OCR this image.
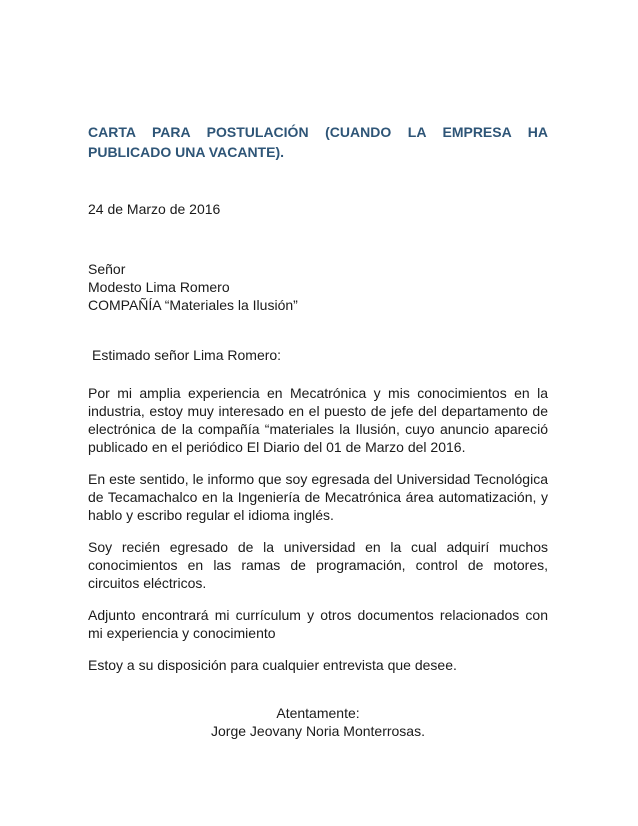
CARTA PARA POSTULACIÓN (CUANDO LA EMPRESA HA PUBLICADO UNA VACANTE).

24 de Marzo de 2016
Señor
Modesto Lima Romero
COMPAÑÍA “Materiales la Ilusión”
Estimado señor Lima Romero:

Por mi amplia experiencia en Mecatrónica y mis conocimientos en la industria, estoy muy interesado en el puesto de jefe del departamento de electrónica de la compañía “materiales la Ilusión, cuyo anuncio apareció publicado en el periódico El Diario del 01 de Marzo del 2016.

En este sentido, le informo que soy egresada del Universidad Tecnológica de Tecamachalco en la Ingeniería de Mecatrónica área automatización, y hablo y escribo regular el idioma inglés.

Soy recién egresado de la universidad en la cual adquirí muchos conocimientos en las ramas de programación, control de motores, circuitos eléctricos.

Adjunto encontrará mi currículum y otros documentos relacionados con mi experiencia y conocimiento

Estoy a su disposición para cualquier entrevista que desee.

Atentamente:
Jorge Jeovany Noria Monterrosas.
